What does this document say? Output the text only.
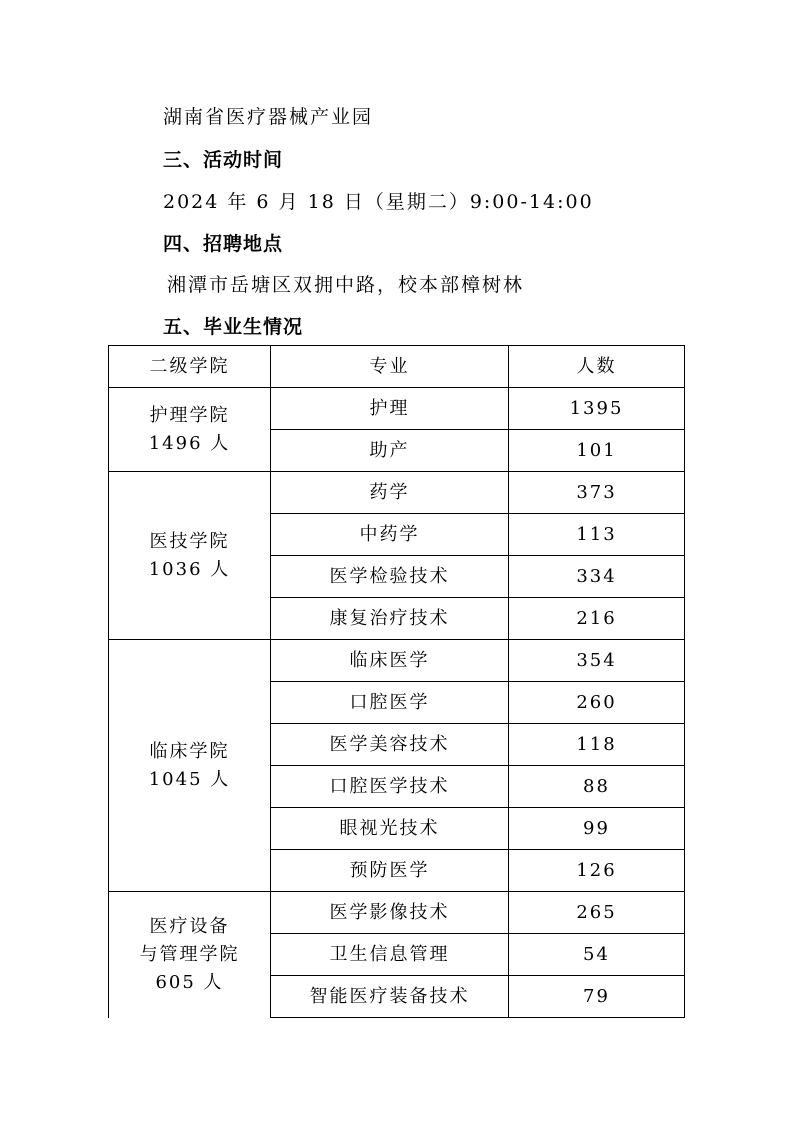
湖南省医疗器械产业园
三、活动时间
2024 年 6 月 18 日（星期二）9:00-14:00
四、招聘地点
湘潭市岳塘区双拥中路，校本部樟树林
五、毕业生情况
二级学院	专业	人数

护理学院
1496 人	护理	1395
	助产	101

医技学院
1036 人	药学	373
	中药学	113
	医学检验技术	334
	康复治疗技术	216

临床学院
1045 人	临床医学	354
	口腔医学	260
	医学美容技术	118
	口腔医学技术	88
	眼视光技术	99
	预防医学	126

医疗设备
与管理学院
605 人	医学影像技术	265
	卫生信息管理	54
	智能医疗装备技术	79
